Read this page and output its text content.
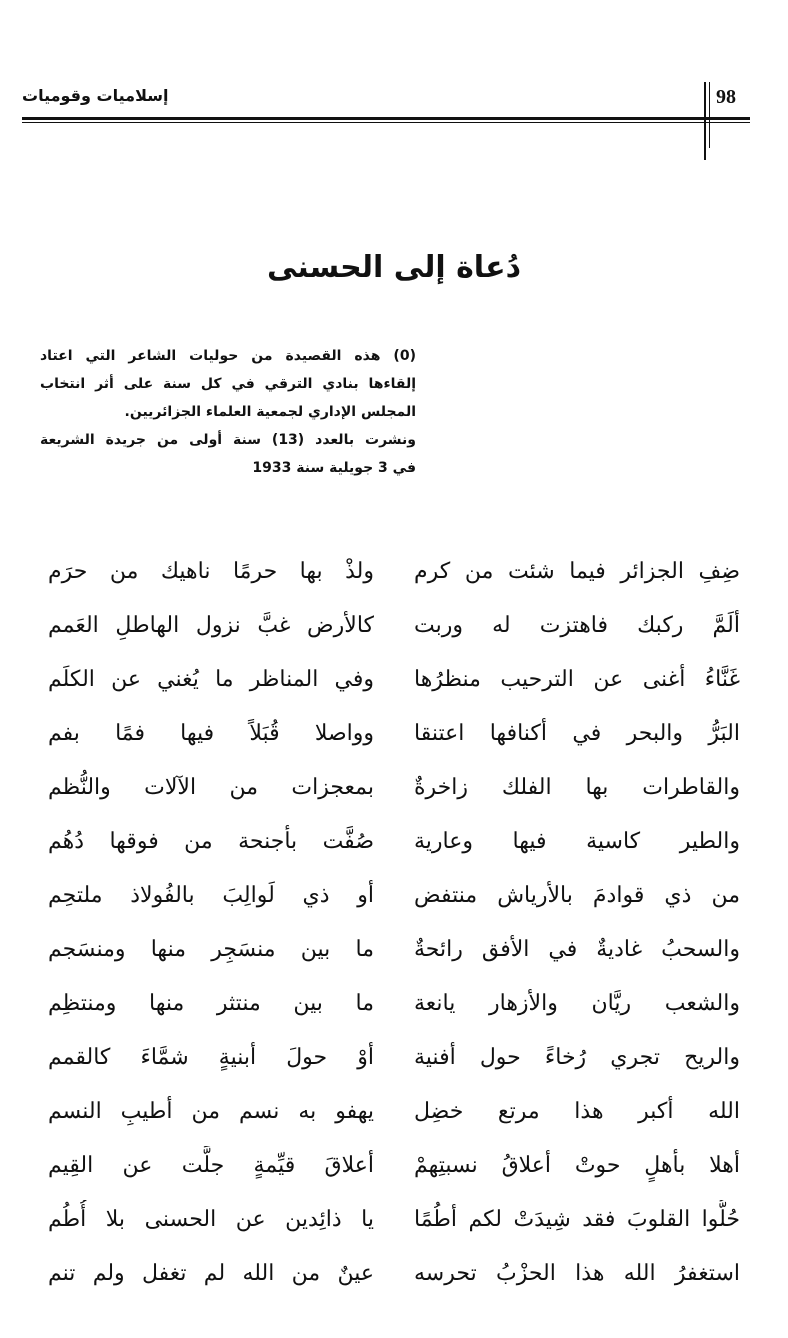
إسلاميات وقوميات	98
دُعاة إلى الحسنى
(0) هذه القصيدة من حوليات الشاعر التي اعتاد
إلقاءها بنادي الترقي في كل سنة على أثر انتخاب
المجلس الإداري لجمعية العلماء الجزائريين.
ونشرت بالعدد (13) سنة أولى من جريدة الشريعة
في 3 جويلية سنة 1933
ضِفِ الجزائر فيما شئت من كرم
ولذْ بها حرمًا ناهيك من حرَم
ألَمَّ ركبك فاهتزت له وربت
كالأرض غبَّ نزول الهاطلِ العَمم
غَنَّاءُ أغنى عن الترحيب منظرُها
وفي المناظر ما يُغني عن الكلَم
البَرُّ والبحر في أكنافها اعتنقا
وواصلا قُبَلاً فيها فمًا بفم
والقاطرات بها الفلك زاخرةٌ
بمعجزات من الآلات والنُّظم
والطير كاسية فيها وعارية
صُفَّت بأجنحة من فوقها دُهُم
من ذي قوادمَ بالأرياش منتفض
أو ذي لَوالِبَ بالفُولاذ ملتحِم
والسحبُ غاديةٌ في الأفق رائحةٌ
ما بين منسَجِر منها ومنسَجم
والشعب ريَّان والأزهار يانعة
ما بين منتثر منها ومنتظِم
والريح تجري رُخاءً حول أفنية
أوْ حولَ أبنيةٍ شمَّاءَ كالقمم
الله أكبر هذا مرتع خضِل
يهفو به نسم من أطيبِ النسم
أهلا بأهلٍ حوتْ أعلاقُ نسبتِهمْ
أعلاقَ قيِّمةٍ جلَّت عن القِيم
حُلُّوا القلوبَ فقد شِيدَتْ لكم أطُمًا
يا ذائِدين عن الحسنى بلا أُطُم
استغفرُ الله هذا الحزْبُ تحرسه
عينٌ من الله لم تغفل ولم تنم
